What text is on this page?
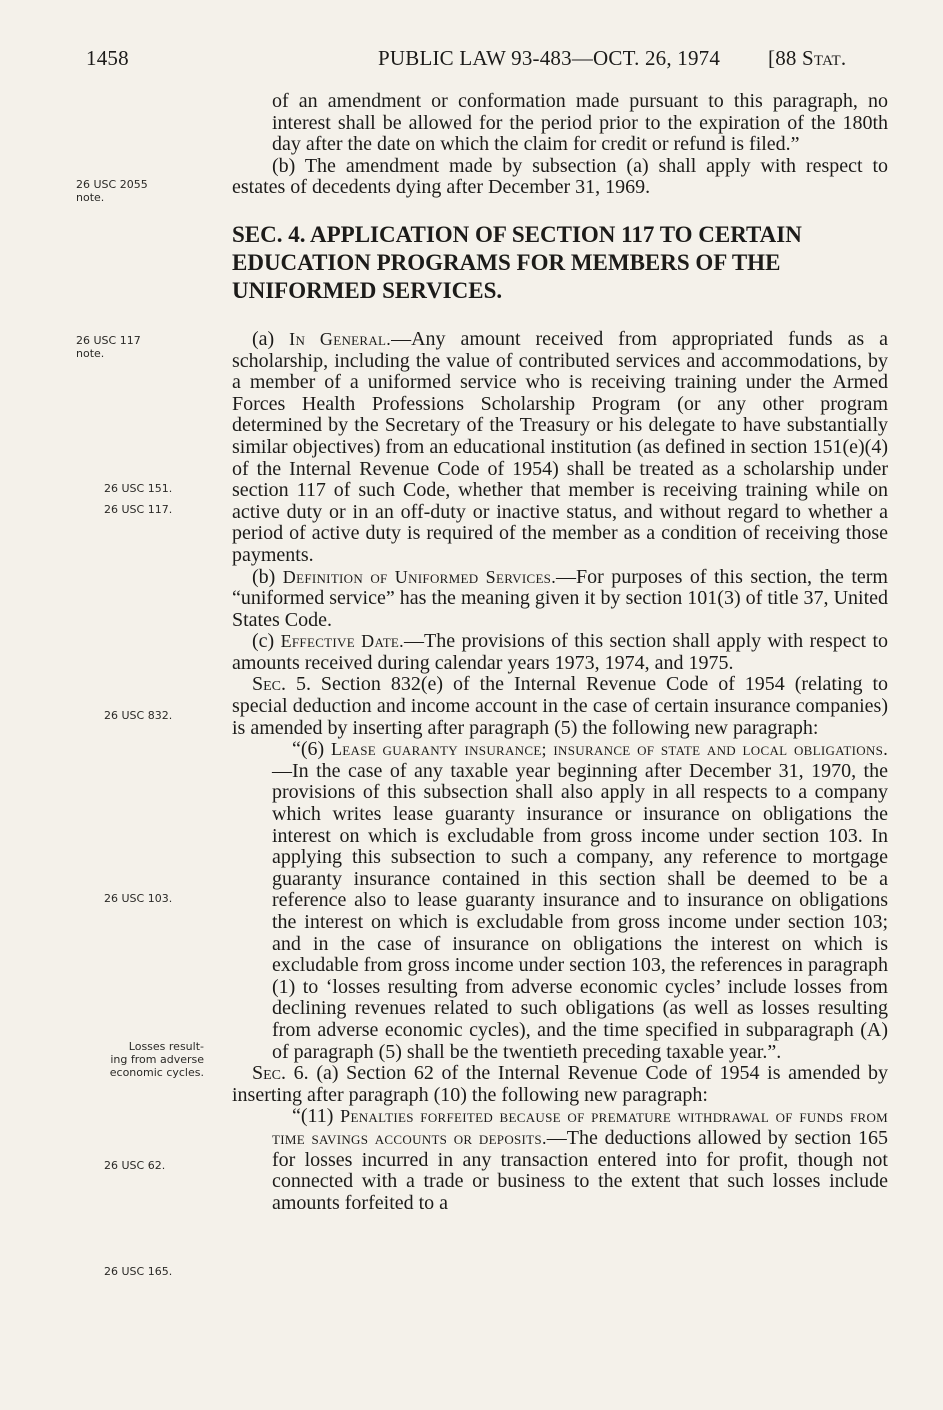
1458	PUBLIC LAW 93-483—OCT. 26, 1974 [88 Stat.
26 USC 2055
note.
26 USC 117
note.
26 USC 151.
26 USC 117.
26 USC 832.
26 USC 103.
Losses result-
ing from adverse
economic cycles.
26 USC 62.
26 USC 165.

of an amendment or conformation made pursuant to this paragraph, no interest shall be allowed for the period prior to the expiration of the 180th day after the date on which the claim for credit or refund is filed.”

(b) The amendment made by subsection (a) shall apply with respect to estates of decedents dying after December 31, 1969.

SEC. 4. APPLICATION OF SECTION 117 TO CERTAIN EDUCATION PROGRAMS FOR MEMBERS OF THE UNIFORMED SERVICES.

(a) In General.—Any amount received from appropriated funds as a scholarship, including the value of contributed services and accommodations, by a member of a uniformed service who is receiving training under the Armed Forces Health Professions Scholarship Program (or any other program determined by the Secretary of the Treasury or his delegate to have substantially similar objectives) from an educational institution (as defined in section 151(e)(4) of the Internal Revenue Code of 1954) shall be treated as a scholarship under section 117 of such Code, whether that member is receiving training while on active duty or in an off-duty or inactive status, and without regard to whether a period of active duty is required of the member as a condition of receiving those payments.

(b) Definition of Uniformed Services.—For purposes of this section, the term “uniformed service” has the meaning given it by section 101(3) of title 37, United States Code.

(c) Effective Date.—The provisions of this section shall apply with respect to amounts received during calendar years 1973, 1974, and 1975.

Sec. 5. Section 832(e) of the Internal Revenue Code of 1954 (relating to special deduction and income account in the case of certain insurance companies) is amended by inserting after paragraph (5) the following new paragraph:

“(6) Lease guaranty insurance; insurance of state and local obligations.—In the case of any taxable year beginning after December 31, 1970, the provisions of this subsection shall also apply in all respects to a company which writes lease guaranty insurance or insurance on obligations the interest on which is excludable from gross income under section 103. In applying this subsection to such a company, any reference to mortgage guaranty insurance contained in this section shall be deemed to be a reference also to lease guaranty insurance and to insurance on obligations the interest on which is excludable from gross income under section 103; and in the case of insurance on obligations the interest on which is excludable from gross income under section 103, the references in paragraph (1) to ‘losses resulting from adverse economic cycles’ include losses from declining revenues related to such obligations (as well as losses resulting from adverse economic cycles), and the time specified in subparagraph (A) of paragraph (5) shall be the twentieth preceding taxable year.”.

Sec. 6. (a) Section 62 of the Internal Revenue Code of 1954 is amended by inserting after paragraph (10) the following new paragraph:

“(11) Penalties forfeited because of premature withdrawal of funds from time savings accounts or deposits.—The deductions allowed by section 165 for losses incurred in any transaction entered into for profit, though not connected with a trade or business to the extent that such losses include amounts forfeited to a
